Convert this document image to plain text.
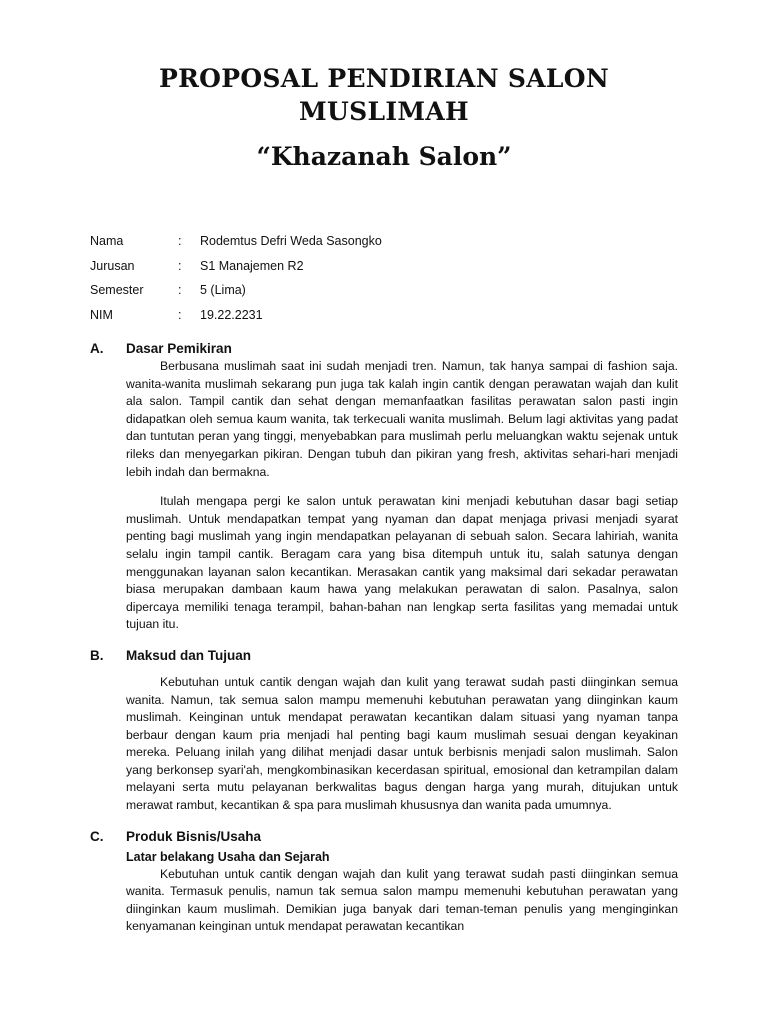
PROPOSAL PENDIRIAN SALON MUSLIMAH
“Khazanah Salon”
Nama	:	Rodemtus Defri Weda Sasongko
Jurusan	:	S1 Manajemen R2
Semester	:	5 (Lima)
NIM	:	19.22.2231
A.	Dasar Pemikiran

Berbusana muslimah saat ini sudah menjadi tren. Namun, tak hanya sampai di fashion saja. wanita-wanita muslimah sekarang pun juga tak kalah ingin cantik dengan perawatan wajah dan kulit ala salon. Tampil cantik dan sehat dengan memanfaatkan fasilitas perawatan salon pasti ingin didapatkan oleh semua kaum wanita, tak terkecuali wanita muslimah. Belum lagi aktivitas yang padat dan tuntutan peran yang tinggi, menyebabkan para muslimah perlu meluangkan waktu sejenak untuk rileks dan menyegarkan pikiran. Dengan tubuh dan pikiran yang fresh, aktivitas sehari-hari menjadi lebih indah dan bermakna.

Itulah mengapa pergi ke salon untuk perawatan kini menjadi kebutuhan dasar bagi setiap muslimah. Untuk mendapatkan tempat yang nyaman dan dapat menjaga privasi menjadi syarat penting bagi muslimah yang ingin mendapatkan pelayanan di sebuah salon. Secara lahiriah, wanita selalu ingin tampil cantik. Beragam cara yang bisa ditempuh untuk itu, salah satunya dengan menggunakan layanan salon kecantikan. Merasakan cantik yang maksimal dari sekadar perawatan biasa merupakan dambaan kaum hawa yang melakukan perawatan di salon. Pasalnya, salon dipercaya memiliki tenaga terampil, bahan-bahan nan lengkap serta fasilitas yang memadai untuk tujuan itu.

B.	Maksud dan Tujuan

Kebutuhan untuk cantik dengan wajah dan kulit yang terawat sudah pasti diinginkan semua wanita. Namun, tak semua salon mampu memenuhi kebutuhan perawatan yang diinginkan kaum muslimah. Keinginan untuk mendapat perawatan kecantikan dalam situasi yang nyaman tanpa berbaur dengan kaum pria menjadi hal penting bagi kaum muslimah sesuai dengan keyakinan mereka. Peluang inilah yang dilihat menjadi dasar untuk berbisnis menjadi salon muslimah. Salon yang berkonsep syari'ah, mengkombinasikan kecerdasan spiritual, emosional dan ketrampilan dalam melayani serta mutu pelayanan berkwalitas bagus dengan harga yang murah, ditujukan untuk merawat rambut, kecantikan & spa para muslimah khususnya dan wanita pada umumnya.

C.	Produk Bisnis/Usaha
Latar belakang Usaha dan Sejarah

Kebutuhan untuk cantik dengan wajah dan kulit yang terawat sudah pasti diinginkan semua wanita. Termasuk penulis, namun tak semua salon mampu memenuhi kebutuhan perawatan yang diinginkan kaum muslimah. Demikian juga banyak dari teman-teman penulis yang menginginkan kenyamanan keinginan untuk mendapat perawatan kecantikan
